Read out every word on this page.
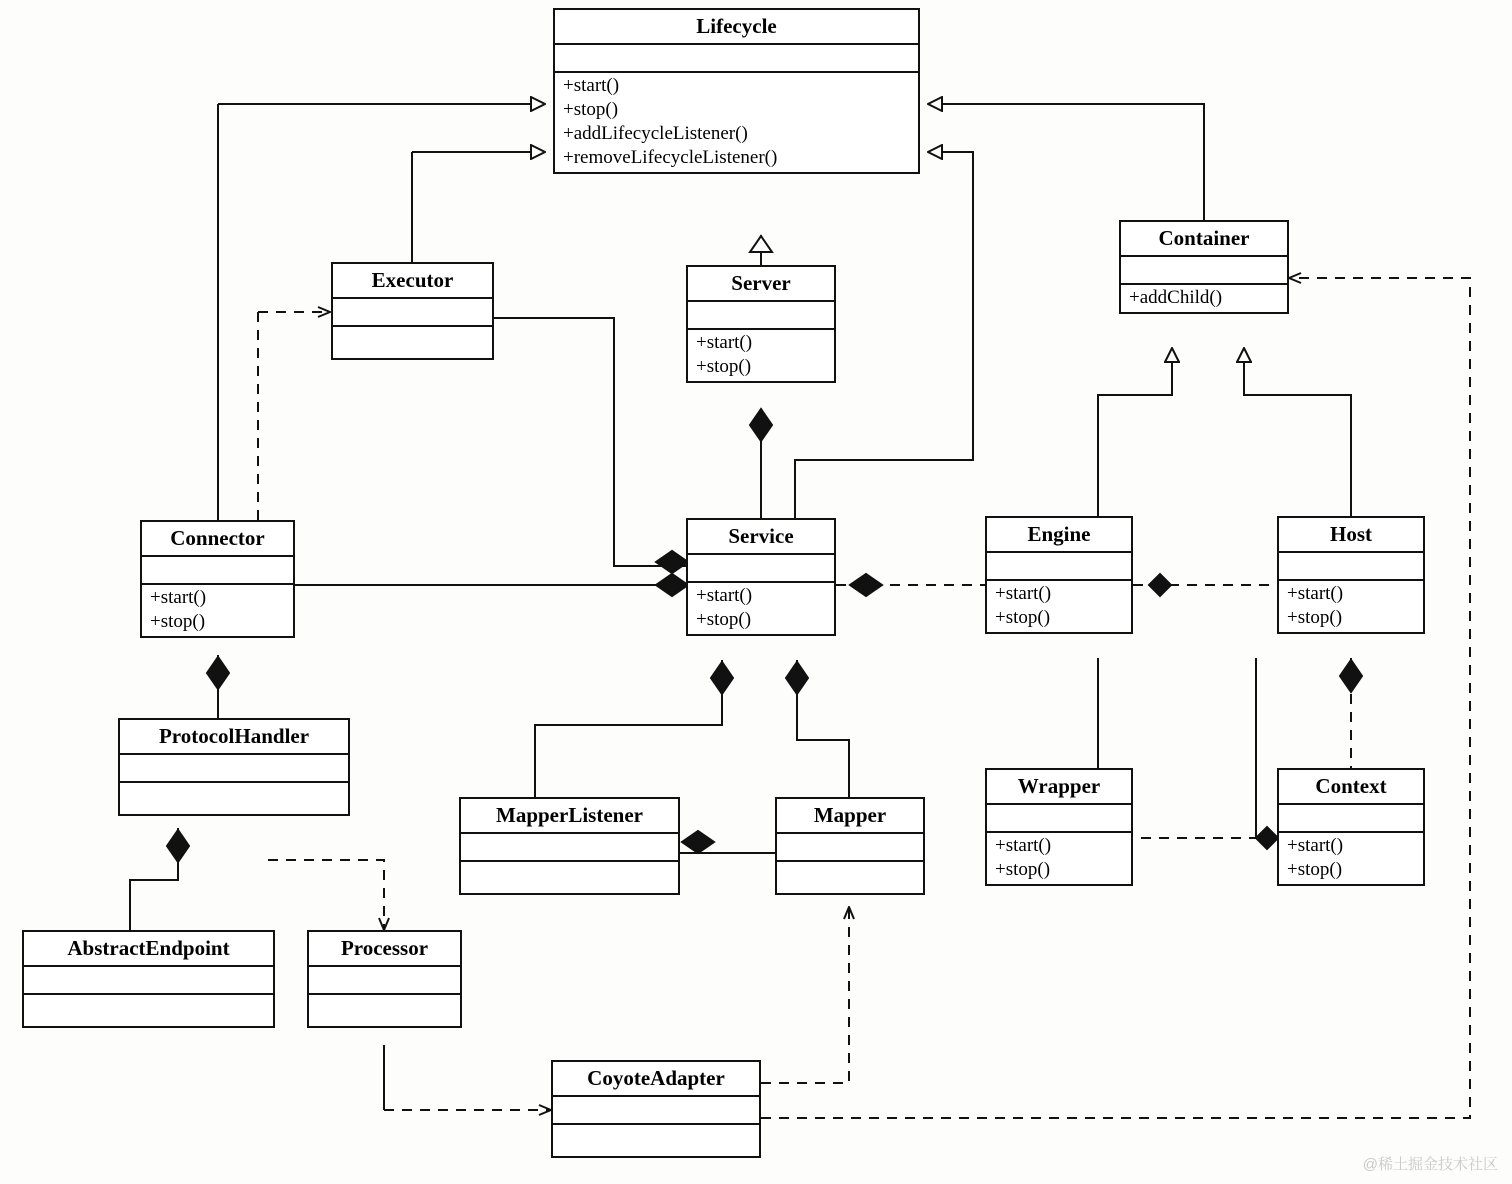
Lifecycle
+start()
+stop()
+addLifecycleListener()
+removeLifecycleListener()
Executor	Server
+start()
+stop()
Container
+addChild()
Connector
+start()
+stop()
Service
+start()
+stop()
Engine
+start()
+stop()
Host
+start()
+stop()
ProtocolHandler
MapperListener	Mapper
Wrapper
+start()
+stop()
Context
+start()
+stop()
AbstractEndpoint	Processor
CoyoteAdapter
@稀土掘金技术社区
